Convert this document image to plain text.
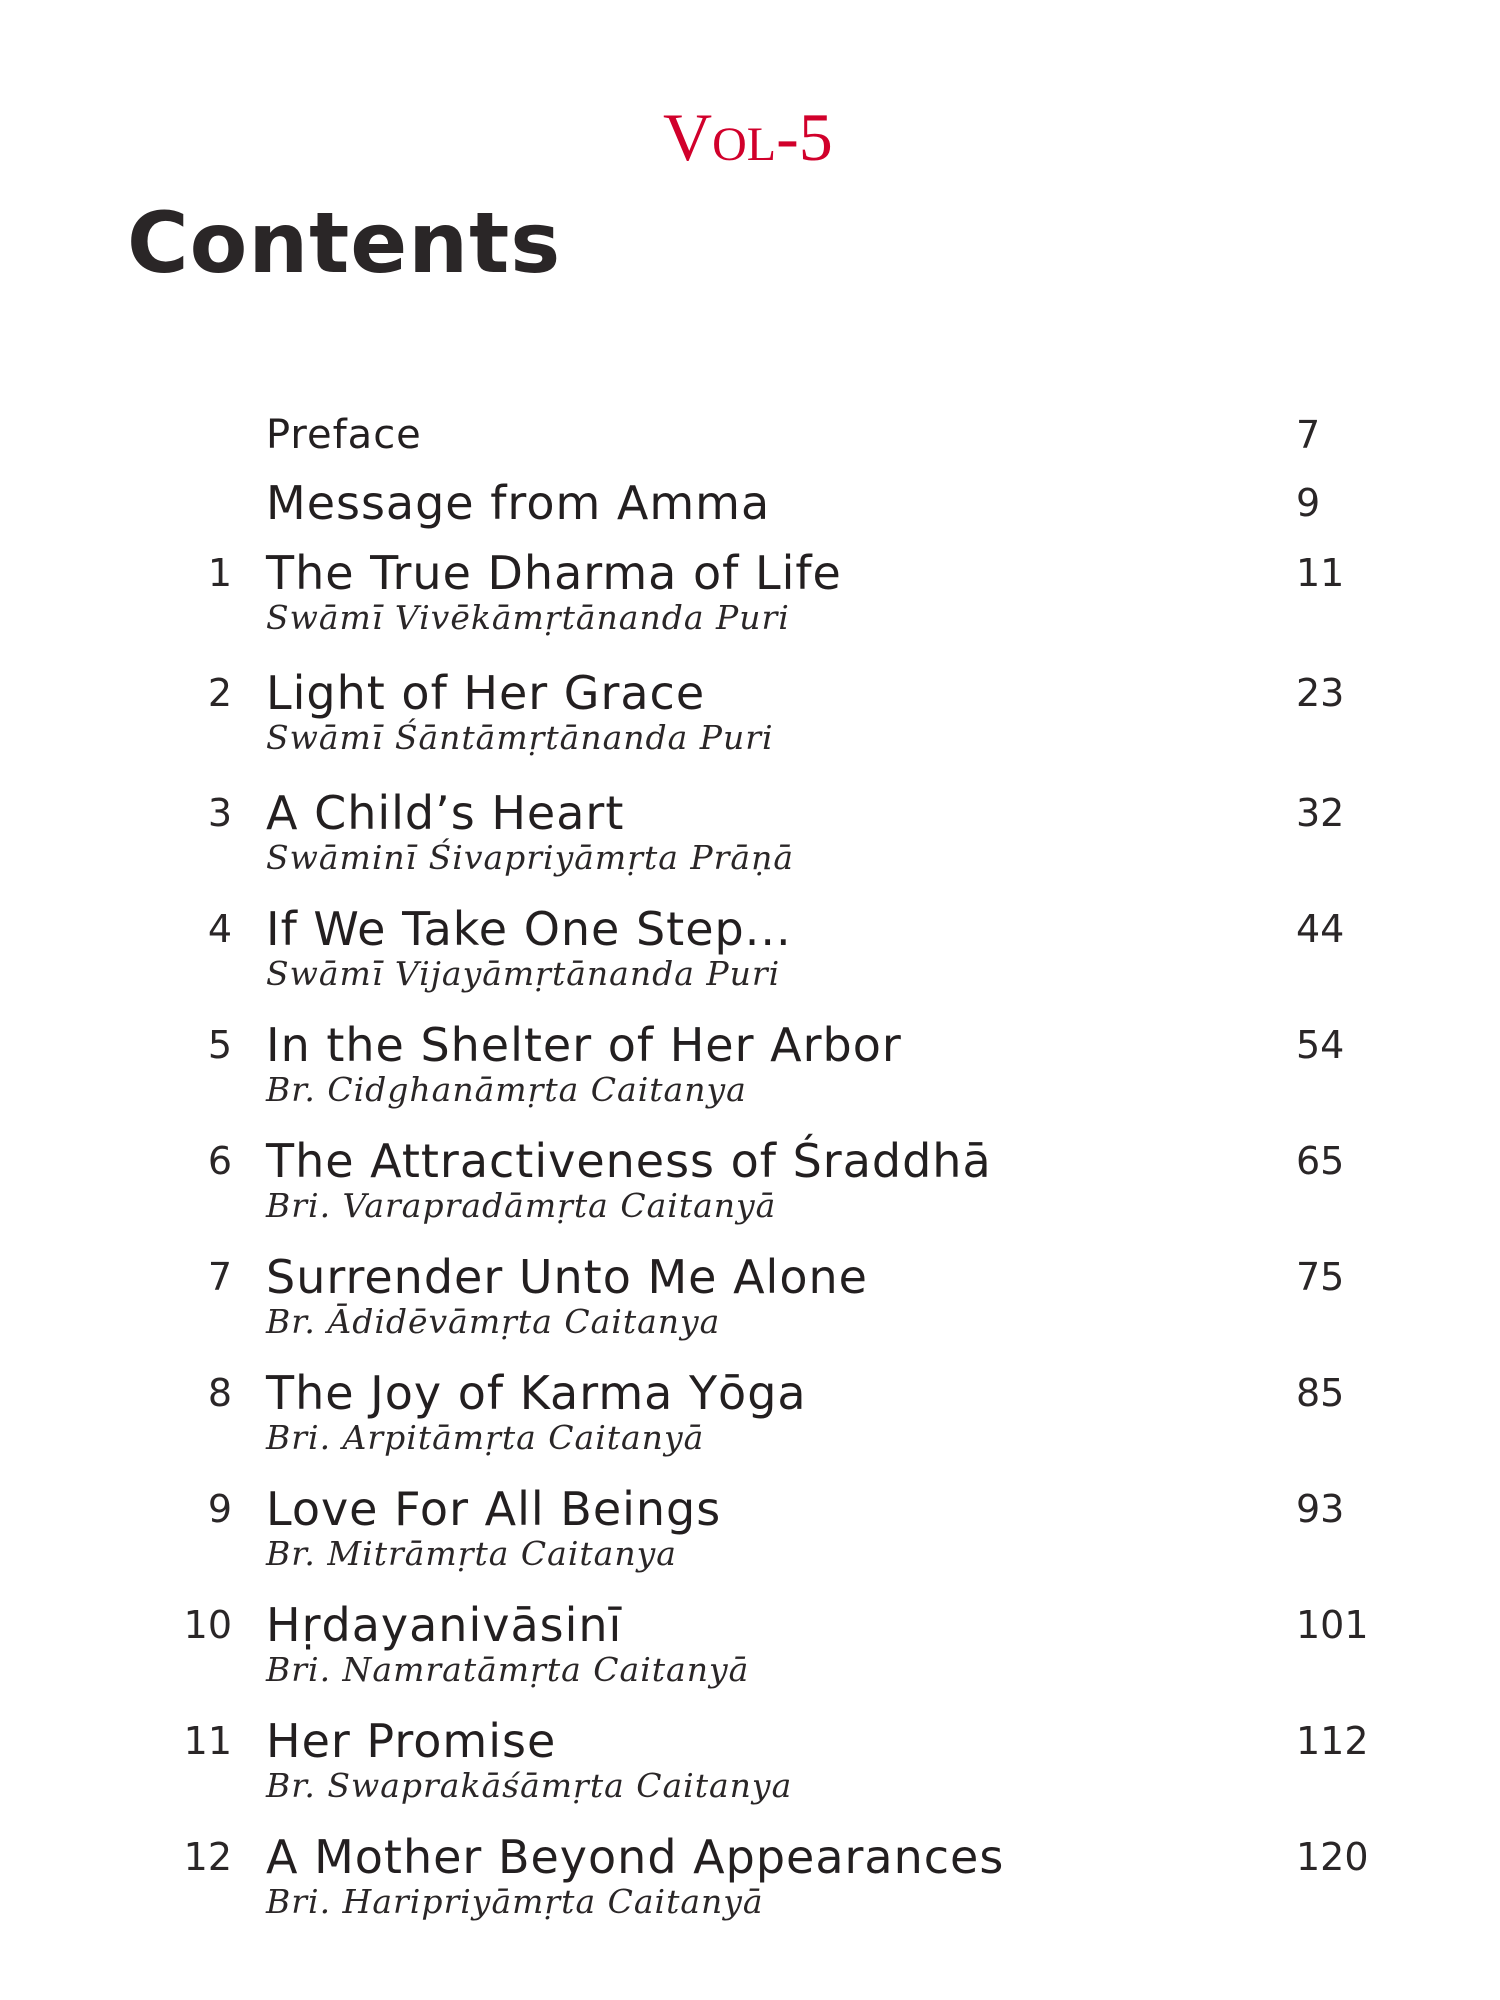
Vol-5
Contents
Preface	7
Message from Amma	9
1 The True Dharma of Life
Swāmī Vivēkāmṛtānanda Puri
11
2 Light of Her Grace
Swāmī Śāntāmṛtānanda Puri
23
3 A Child’s Heart
Swāminī Śivapriyāmṛta Prāṇā
32
4 If We Take One Step...
Swāmī Vijayāmṛtānanda Puri
44
5 In the Shelter of Her Arbor
Br. Cidghanāmṛta Caitanya
54
6 The Attractiveness of Śraddhā
Bri. Varapradāmṛta Caitanyā
65
7 Surrender Unto Me Alone
Br. Ādidēvāmṛta Caitanya
75
8 The Joy of Karma Yōga
Bri. Arpitāmṛta Caitanyā
85
9 Love For All Beings
Br. Mitrāmṛta Caitanya
93
10 Hṛdayanivāsinī
Bri. Namratāmṛta Caitanyā
101
11 Her Promise
Br. Swaprakāśāmṛta Caitanya
112
12 A Mother Beyond Appearances
Bri. Haripriyāmṛta Caitanyā
120
